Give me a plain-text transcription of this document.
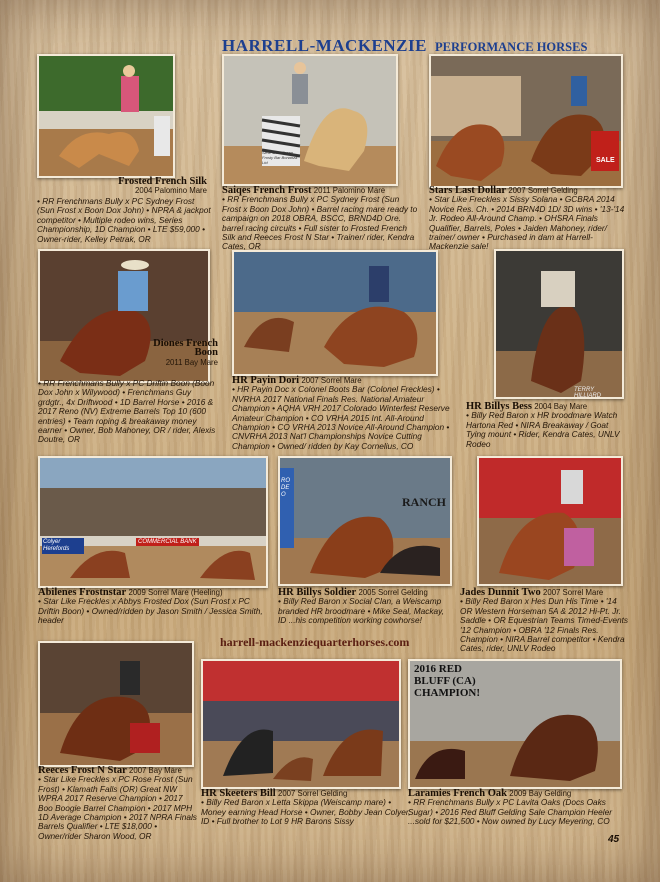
HARRELL-MACKENZIE PERFORMANCE HORSES
Frosted French Silk
2004 Palomino Mare
• RR Frenchmans Bully x PC Sydney Frost (Sun Frost x Boon Dox John) • NPRA & jackpot competitor • Multiple rodeo wins, Series Championship, 1D Champion • LTE $59,000 • Owner-rider, Kelley Petrak, OR
Siete Gold Green Frosty Bar Bonanza Ltd
Saiqes French Frost 2011 Palomino Mare
• RR Frenchmans Bully x PC Sydney Frost (Sun Frost x Boon Dox John) • Barrel racing mare ready to campaign on 2018 OBRA, BSCC, BRND4D Ore. barrel racing circuits • Full sister to Frosted French Silk and Reeces Frost N Star • Trainer/ rider, Kendra Cates, OR
SALE
Stars Last Dollar 2007 Sorrel Gelding
• Star Like Freckles x Sissy Solana • GCBRA 2014 Novice Res. Ch. • 2014 BRN4D 1D/ 3D wins • '13-'14 Jr. Rodeo All-Around Champ. • OHSRA Finals Qualifier, Barrels, Poles • Jaiden Mahoney, rider/ trainer/ owner • Purchased in dam at Harrell-Mackenzie sale!
Diones French Boon
2011 Bay Mare
• RR Frenchmans Bully x PC Driftin Boon (Boon Dox John x Wilywood) • Frenchmans Guy grdgtr., 4x Driftwood • 1D Barrel Horse • 2016 & 2017 Reno (NV) Extreme Barrels Top 10 (600 entries) • Team roping & breakaway money earner • Owner, Bob Mahoney, OR / rider, Alexis Doutre, OR
HR Payin Dori 2007 Sorrel Mare
• HR Payin Doc x Colonel Boots Bar (Colonel Freckles) • NVRHA 2017 National Finals Res. National Amateur Champion • AQHA VRH 2017 Colorado Winterfest Reserve Amateur Champion • CO VRHA 2015 Int. All-Around Champion • CO VRHA 2013 Novice All-Around Champion • CNVRHA 2013 Nat'l Championships Novice Cutting Champion • Owned/ ridden by Kay Cornelius, CO
TERRY HILLIARD
HR Billys Bess 2004 Bay Mare
• Billy Red Baron x HR broodmare Watch Hartona Red • NIRA Breakaway / Goat Tying mount • Rider, Kendra Cates, UNLV Rodeo
Colyer Herefords
COMMERCIAL BANK
Abilenes Frostnstar 2009 Sorrel Mare (Heeling)
• Star Like Freckles x Abbys Frosted Dox (Sun Frost x PC Driftin Boon) • Owned/ridden by Jason Smith / Jessica Smith, header
RANCH
RODEO
HR Billys Soldier 2005 Sorrel Gelding
• Billy Red Baron x Social Clan, a Weiscamp branded HR broodmare • Mike Seal, Mackay, ID ...his competition working cowhorse!
Jades Dunnit Two 2007 Sorrel Mare
• Billy Red Baron x Hes Dun His Time • '14 OR Western Horseman 5A & 2012 Hi-Pt. Jr. Saddle • OR Equestrian Teams Timed-Events '12 Champion • OBRA '12 Finals Res. Champion • NIRA Barrel competitor • Kendra Cates, rider, UNLV Rodeo
harrell-mackenziequarterhorses.com
Reeces Frost N Star 2007 Bay Mare
• Star Like Freckles x PC Rose Frost (Sun Frost) • Klamath Falls (OR) Great NW WPRA 2017 Reserve Champion • 2017 Boo Boogie Barrel Champion • 2017 MPH 1D Average Champion • 2017 NPRA Finals Barrels Qualifier • LTE $18,000 • Owner/rider Sharon Wood, OR
HR Skeeters Bill 2007 Sorrel Gelding
• Billy Red Baron x Letta Skippa (Weiscamp mare) • Money earning Head Horse • Owner, Bobby Jean Colyer, ID • Full brother to Lot 9 HR Barons Sissy
2016 RED BLUFF (CA) CHAMPION!
Laramies French Oak 2009 Bay Gelding
• RR Frenchmans Bully x PC Lavita Oaks (Docs Oaks Sugar) • 2016 Red Bluff Gelding Sale Champion Heeler ...sold for $21,500 • Now owned by Lucy Meyering, CO
45
